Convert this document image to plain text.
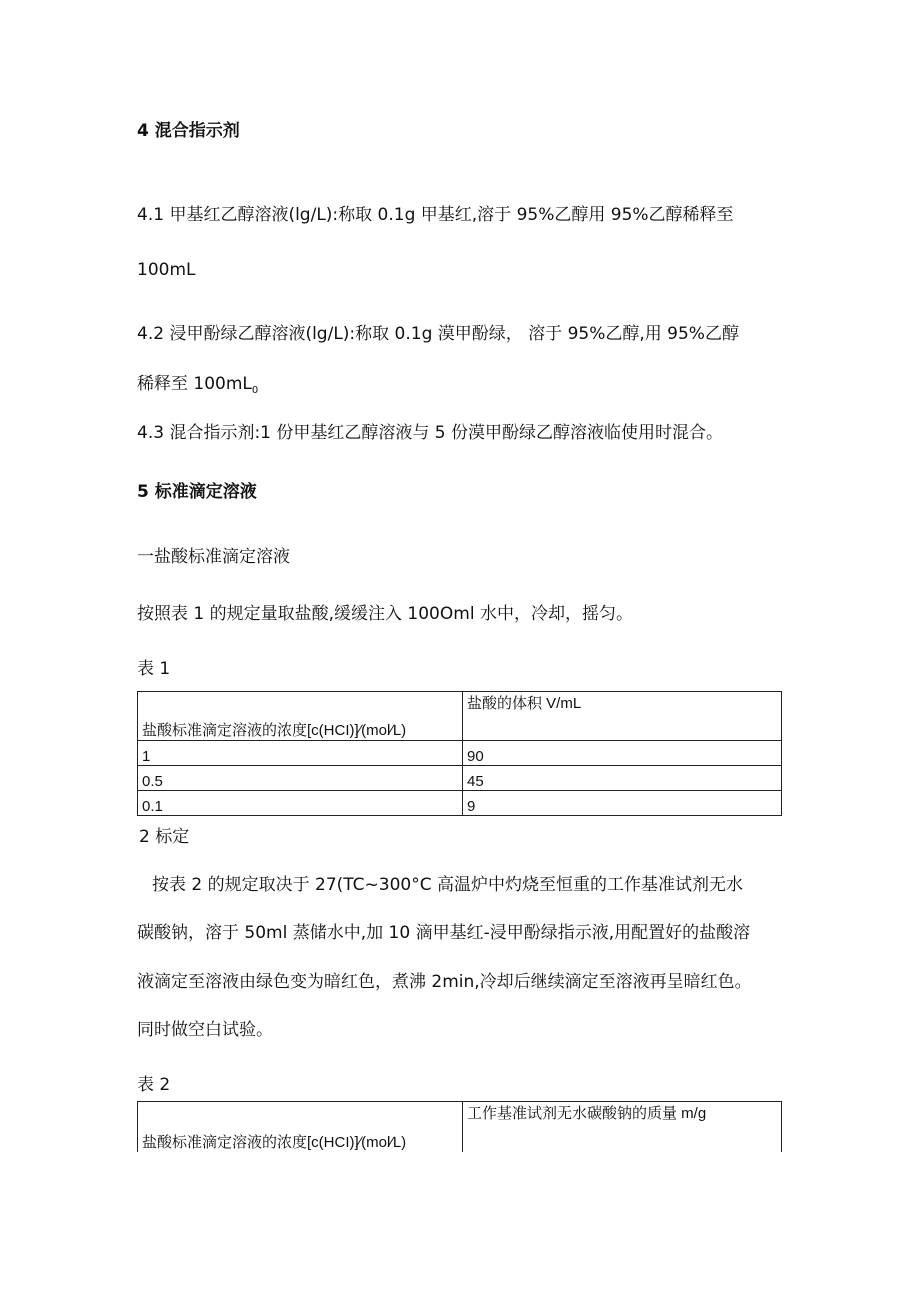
4 混合指示剂
4.1 甲基红乙醇溶液(lg∕L):称取 0.1g 甲基红,溶于 95%乙醇用 95%乙醇稀释至
100mL
4.2 浸甲酚绿乙醇溶液(lg∕L):称取 0.1g 漠甲酚绿， 溶于 95%乙醇,用 95%乙醇
稀释至 $100mL_0$
4.3 混合指示剂:1 份甲基红乙醇溶液与 5 份漠甲酚绿乙醇溶液临使用时混合。
5 标准滴定溶液
一盐酸标准滴定溶液
按照表 1 的规定量取盐酸,缓缓注入 100Oml 水中，冷却，摇匀。
表 1
盐酸标准滴定溶液的浓度[c(HCI)]∕(mol∕L)	盐酸的体积 V/mL
1	90
0.5	45
0.1	9
2 标定
按表 2 的规定取决于 27(TC~300°C 高温炉中灼烧至恒重的工作基准试剂无水
碳酸钠，溶于 50ml 蒸储水中,加 10 滴甲基红-浸甲酚绿指示液,用配置好的盐酸溶
液滴定至溶液由绿色变为暗红色，煮沸 2min,冷却后继续滴定至溶液再呈暗红色。
同时做空白试验。
表 2
盐酸标准滴定溶液的浓度[c(HCI)]∕(mol∕L)	工作基准试剂无水碳酸钠的质量 m/g
